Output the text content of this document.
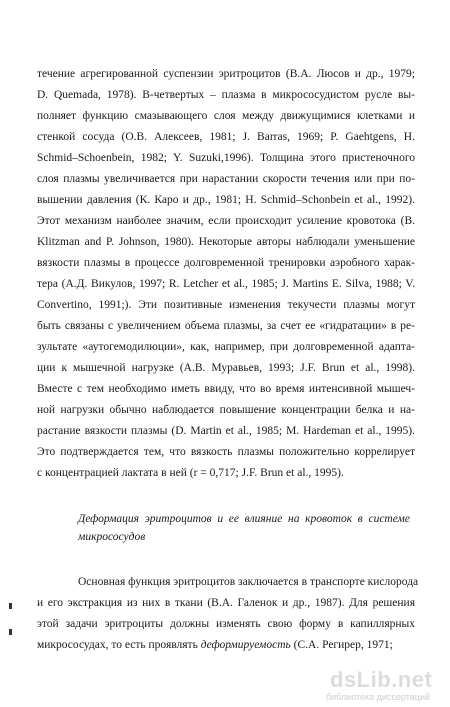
течение агрегированной суспензии эритроцитов (В.А. Люсов и др., 1979;
D. Quemada, 1978). В-четвертых – плазма в микрососудистом русле вы-
полняет функцию смазывающего слоя между движущимися клетками и
стенкой сосуда (О.В. Алексеев, 1981; J. Barras, 1969; P. Gaehtgens, H.
Schmid–Schoenbein, 1982; Y. Suzuki,1996). Толщина этого пристеночного
слоя плазмы увеличивается при нарастании скорости течения или при по-
вышении давления (К. Каро и др., 1981; H. Schmid–Schonbein et al., 1992).
Этот механизм наиболее значим, если происходит усиление кровотока (B.
Klitzman and P. Johnson, 1980). Некоторые авторы наблюдали уменьшение
вязкости плазмы в процессе долговременной тренировки аэробного харак-
тера (А.Д. Викулов, 1997; R. Letcher et al., 1985; J. Martins E. Silva, 1988; V.
Convertino, 1991;). Эти позитивные изменения текучести плазмы могут
быть связаны с увеличением объема плазмы, за счет ее «гидратации» в ре-
зультате «аутогемодилюции», как, например, при долговременной адапта-
ции к мышечной нагрузке (А.В. Муравьев, 1993; J.F. Brun et al., 1998).
Вместе с тем необходимо иметь ввиду, что во время интенсивной мышеч-
ной нагрузки обычно наблюдается повышение концентрации белка и на-
растание вязкости плазмы (D. Martin et al., 1985; M. Hardeman et al., 1995).
Это подтверждается тем, что вязкость плазмы положительно коррелирует
с концентрацией лактата в ней (r = 0,717; J.F. Brun et al., 1995).
Деформация эритроцитов и ее влияние на кровоток в системе
микрососудов
Основная функция эритроцитов заключается в транспорте кислорода
и его экстракция из них в ткани (В.А. Галенок и др., 1987). Для решения
этой задачи эритроциты должны изменять свою форму в капиллярных
микрососудах, то есть проявлять деформируемость (С.А. Регирер, 1971;
dsLib.net
библиотека диссертаций
